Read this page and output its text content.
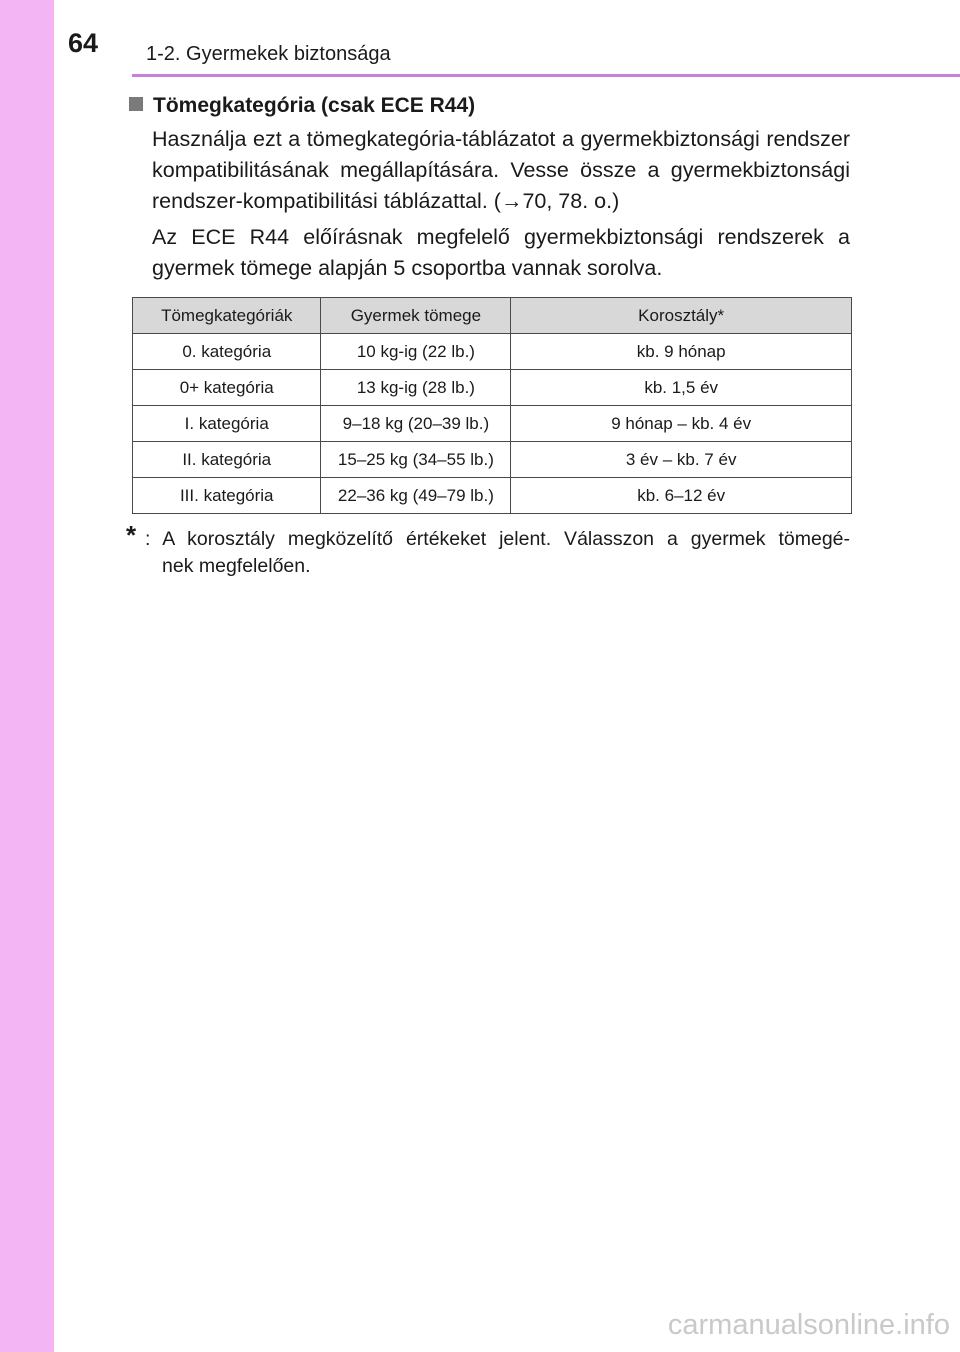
64 1-2. Gyermekek biztonsága
Tömegkategória (csak ECE R44)

Használja ezt a tömegkategória-táblázatot a gyermekbiztonsági rendszer kompatibilitásának megállapítására. Vesse össze a gyermekbiztonsági rendszer-kompatibilitási táblázattal. (→70, 78. o.)

Az ECE R44 előírásnak megfelelő gyermekbiztonsági rendszerek a gyermek tömege alapján 5 csoportba vannak sorolva.

Tömegkategóriák	Gyermek tömege	Korosztály*
0. kategória	10 kg-ig (22 lb.)	kb. 9 hónap
0+ kategória	13 kg-ig (28 lb.)	kb. 1,5 év
I. kategória	9–18 kg (20–39 lb.)	9 hónap – kb. 4 év
II. kategória	15–25 kg (34–55 lb.)	3 év – kb. 7 év
III. kategória	22–36 kg (49–79 lb.)	kb. 6–12 év
* : A korosztály megközelítő értékeket jelent. Válasszon a gyermek tömegé-
nek megfelelően.
carmanualsonline.info
